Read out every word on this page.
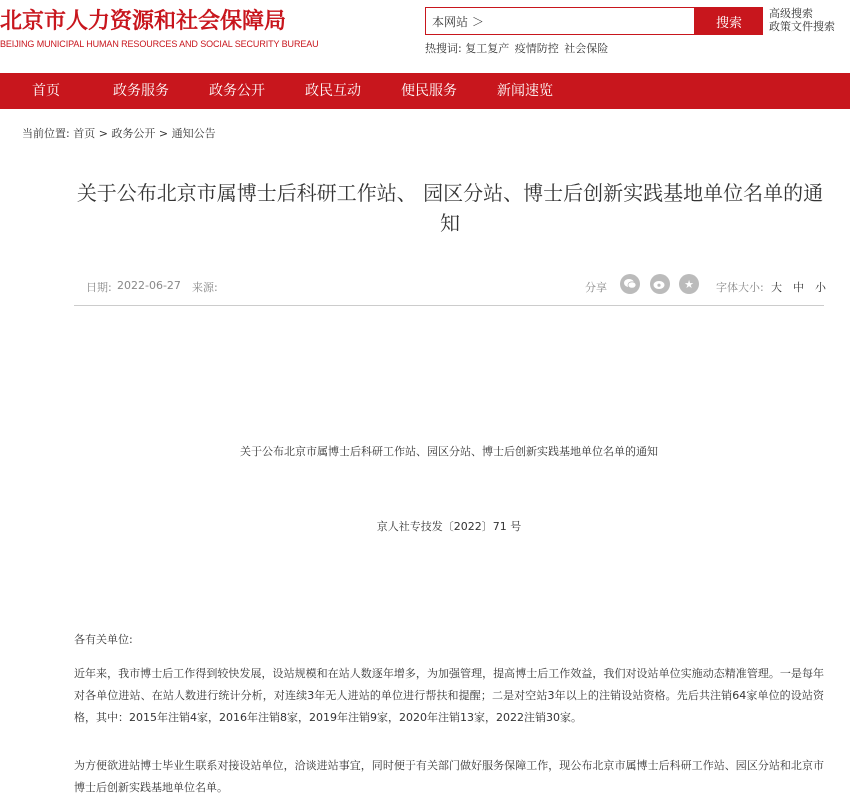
北京市人力资源和社会保障局
BEIJING MUNICIPAL HUMAN RESOURCES AND SOCIAL SECURITY BUREAU
本网站 ＞	搜索
高级搜索
政策文件搜索
热搜词: 复工复产 疫情防控 社会保险
首页	政务服务	政务公开	政民互动	便民服务	新闻速览
当前位置: 首页 > 政务公开 > 通知公告
关于公布北京市属博士后科研工作站、 园区分站、博士后创新实践基地单位名单的通知
日期: 2022-06-27 来源:	分享	★	字体大小: 大 中 小
关于公布北京市属博士后科研工作站、园区分站、博士后创新实践基地单位名单的通知
京人社专技发〔2022〕71 号
各有关单位:
近年来，我市博士后工作得到较快发展，设站规模和在站人数逐年增多，为加强管理，提高博士后工作效益，我们对设站单位实施动态精准管理。一是每年对各单位进站、在站人数进行统计分析，对连续3年无人进站的单位进行帮扶和提醒；二是对空站3年以上的注销设站资格。先后共注销64家单位的设站资格，其中：2015年注销4家，2016年注销8家，2019年注销9家，2020年注销13家，2022注销30家。
为方便欲进站博士毕业生联系对接设站单位，洽谈进站事宜，同时便于有关部门做好服务保障工作，现公布北京市属博士后科研工作站、园区分站和北京市博士后创新实践基地单位名单。
